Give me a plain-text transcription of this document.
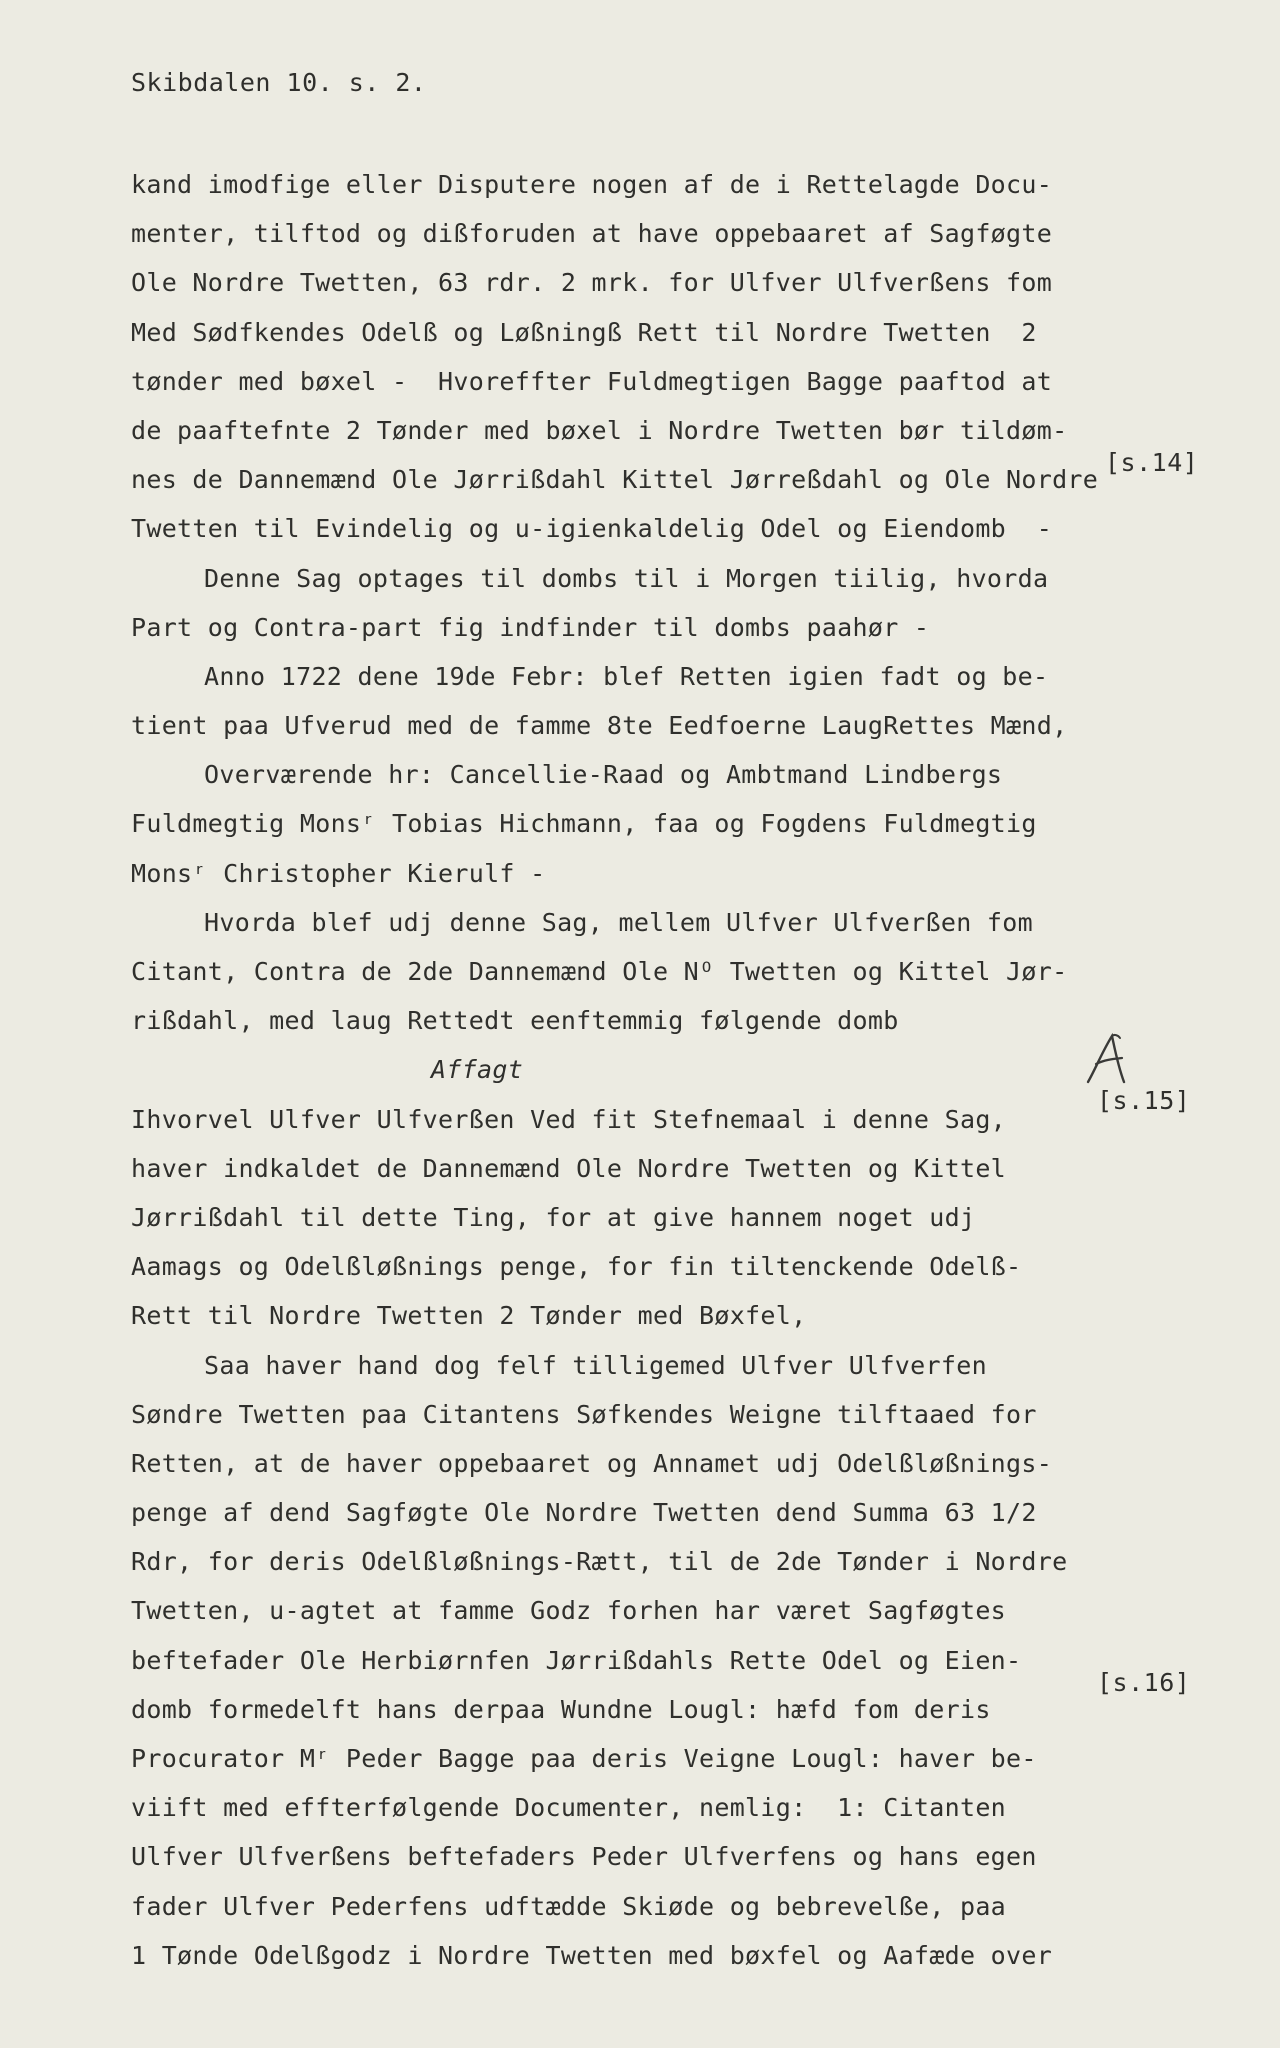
Skibdalen 10. s. 2.
kand imodfige eller Disputere nogen af de i Rettelagde Docu-
menter, tilftod og dißforuden at have oppebaaret af Sagføgte
Ole Nordre Twetten, 63 rdr. 2 mrk. for Ulfver Ulfverßens fom
Med Sødfkendes Odelß og Løßningß Rett til Nordre Twetten  2
tønder med bøxel -  Hvoreffter Fuldmegtigen Bagge paaftod at
de paaftefnte 2 Tønder med bøxel i Nordre Twetten bør tildøm-
nes de Dannemænd Ole Jørrißdahl Kittel Jørreßdahl og Ole Nordre
Twetten til Evindelig og u-igienkaldelig Odel og Eiendomb  -
Denne Sag optages til dombs til i Morgen tiilig, hvorda
Part og Contra-part fig indfinder til dombs paahør -
Anno 1722 dene 19de Febr: blef Retten igien fadt og be-
tient paa Ufverud med de famme 8te Eedfoerne LaugRettes Mænd,
Overværende hr: Cancellie-Raad og Ambtmand Lindbergs
Fuldmegtig Monsʳ Tobias Hichmann, faa og Fogdens Fuldmegtig
Monsʳ Christopher Kierulf -
Hvorda blef udj denne Sag, mellem Ulfver Ulfverßen fom
Citant, Contra de 2de Dannemænd Ole Nᴼ Twetten og Kittel Jør-
rißdahl, med laug Rettedt eenftemmig følgende domb
Affagt
Ihvorvel Ulfver Ulfverßen Ved fit Stefnemaal i denne Sag,
haver indkaldet de Dannemænd Ole Nordre Twetten og Kittel
Jørrißdahl til dette Ting, for at give hannem noget udj
Aamags og Odelßløßnings penge, for fin tiltenckende Odelß-
Rett til Nordre Twetten 2 Tønder med Bøxfel,
Saa haver hand dog felf tilligemed Ulfver Ulfverfen
Søndre Twetten paa Citantens Søfkendes Weigne tilftaaed for
Retten, at de haver oppebaaret og Annamet udj Odelßløßnings-
penge af dend Sagføgte Ole Nordre Twetten dend Summa 63 1/2
Rdr, for deris Odelßløßnings-Rætt, til de 2de Tønder i Nordre
Twetten, u-agtet at famme Godz forhen har været Sagføgtes
beftefader Ole Herbiørnfen Jørrißdahls Rette Odel og Eien-
domb formedelft hans derpaa Wundne Lougl: hæfd fom deris
Procurator Mʳ Peder Bagge paa deris Veigne Lougl: haver be-
viift med effterfølgende Documenter, nemlig:  1: Citanten
Ulfver Ulfverßens beftefaders Peder Ulfverfens og hans egen
fader Ulfver Pederfens udftædde Skiøde og bebrevelße, paa
1 Tønde Odelßgodz i Nordre Twetten med bøxfel og Aafæde over
[s.14]
[s.15]
[s.16]
